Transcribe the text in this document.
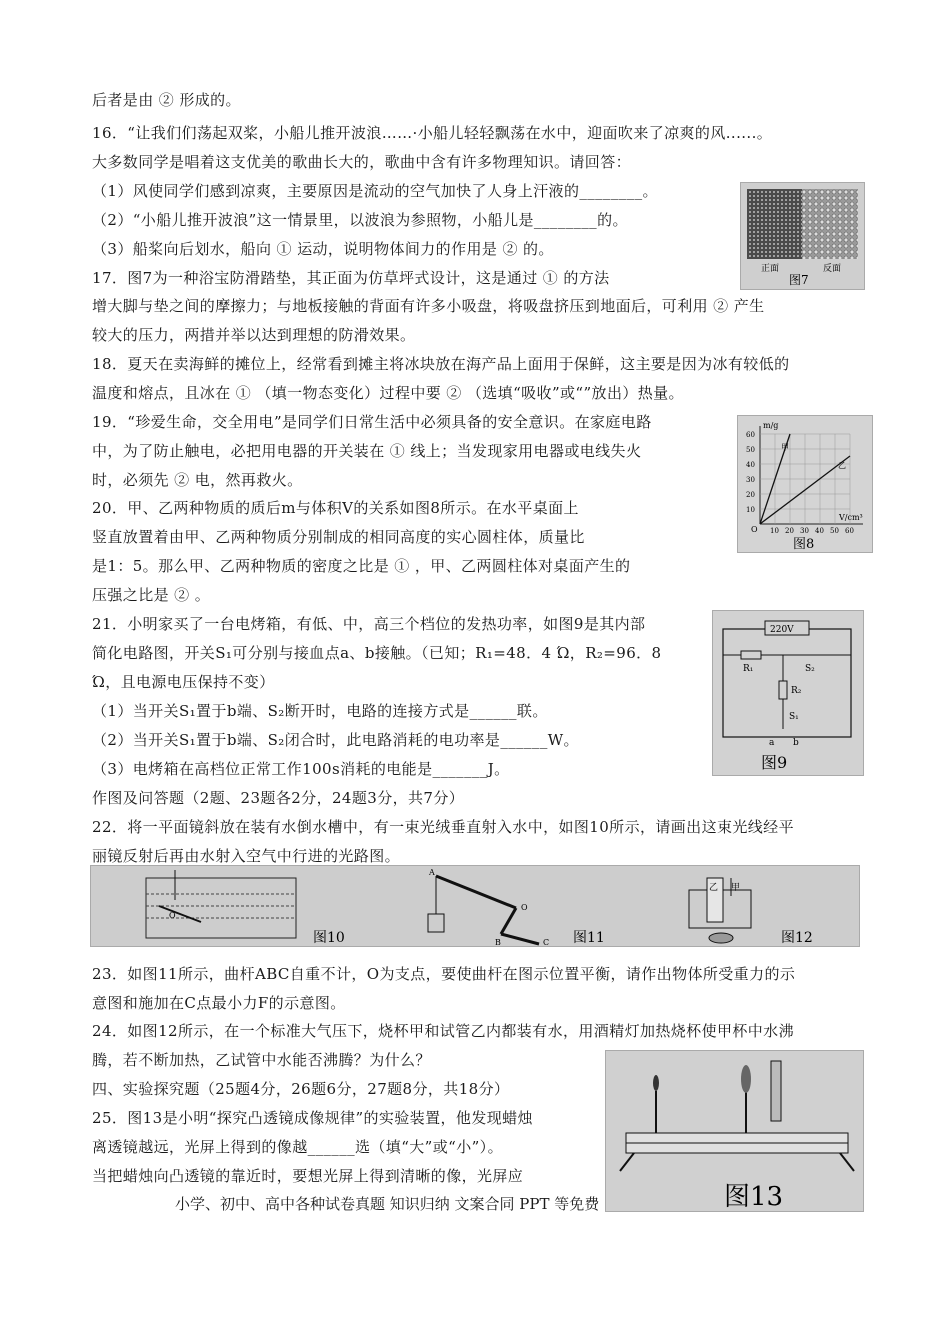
后者是由 ② 形成的。
16．“让我们们荡起双桨，小船儿推开波浪……·小船儿轻轻飘荡在水中，迎面吹来了凉爽的风......。
大多数同学是唱着这支优美的歌曲长大的，歌曲中含有许多物理知识。请回答：
（1）风使同学们感到凉爽，主要原因是流动的空气加快了人身上汗液的________。
（2）“小船儿推开波浪”这一情景里，以波浪为参照物，小船儿是________的。
（3）船桨向后划水，船向 ① 运动，说明物体间力的作用是 ② 的。
17．图7为一种浴宝防滑踏垫，其正面为仿草坪式设计，这是通过 ① 的方法
增大脚与垫之间的摩擦力；与地板接触的背面有许多小吸盘，将吸盘挤压到地面后，可利用 ② 产生
较大的压力，两措并举以达到理想的防滑效果。
18．夏天在卖海鲜的摊位上，经常看到摊主将冰块放在海产品上面用于保鲜，这主要是因为冰有较低的
温度和熔点，且冰在 ① （填一物态变化）过程中要 ② （选填“吸收”或“”放出）热量。
19．“珍爱生命，交全用电”是同学们日常生活中必须具备的安全意识。在家庭电路
中，为了防止触电，必把用电器的开关装在 ① 线上；当发现家用电器或电线失火
时，必须先 ② 电，然再救火。
20．甲、乙两种物质的质后m与体积V的关系如图8所示。在水平桌面上
竖直放置着由甲、乙两种物质分别制成的相同高度的实心圆柱体，质量比
是1：5。那么甲、乙两种物质的密度之比是 ① ，甲、乙两圆柱体对桌面产生的
压强之比是 ② 。
21．小明家买了一台电烤箱，有低、中，高三个档位的发热功率，如图9是其内部
简化电路图，开关S₁可分别与接血点a、b接触。（已知；R₁=48．4 Ώ，R₂=96．8
Ώ，且电源电压保持不变）
（1）当开关S₁置于b端、S₂断开时，电路的连接方式是______联。
（2）当开关S₁置于b端、S₂闭合时，此电路消耗的电功率是______W。
（3）电烤箱在高档位正常工作100s消耗的电能是_______J。
作图及问答题（2题、23题各2分，24题3分，共7分）
22．将一平面镜斜放在装有水倒水槽中，有一束光绒垂直射入水中，如图10所示，请画出这束光线经平
丽镜反射后再由水射入空气中行进的光路图。
23．如图11所示，曲杆ABC自重不计，O为支点，要使曲杆在图示位置平衡，请作出物体所受重力的示
意图和施加在C点最小力F的示意图。
24．如图12所示，在一个标准大气压下，烧杯甲和试管乙内都装有水，用酒精灯加热烧杯使甲杯中水沸
腾，若不断加热，乙试管中水能否沸腾？为什么？
四、实验探究题（25题4分，26题6分，27题8分，共18分）
25．图13是小明“探究凸透镜成像规律”的实验装置，他发现蜡烛
离透镜越远，光屏上得到的像越______选（填“大”或“小”）。
当把蜡烛向凸透镜的靠近时，要想光屏上得到清晰的像，光屏应
正面	反面
图7
m/g
V/cm³
甲
乙
O
60
50
40
30
20
10
10 20 30 40 50 60
图8
220V
R₁	S₂
R₂
S₁
a b
图9
O
图10
A
O
B	C 图11
乙 甲
图12
图13
小学、初中、高中各种试卷真题 知识归纳 文案合同 PPT 等免费
